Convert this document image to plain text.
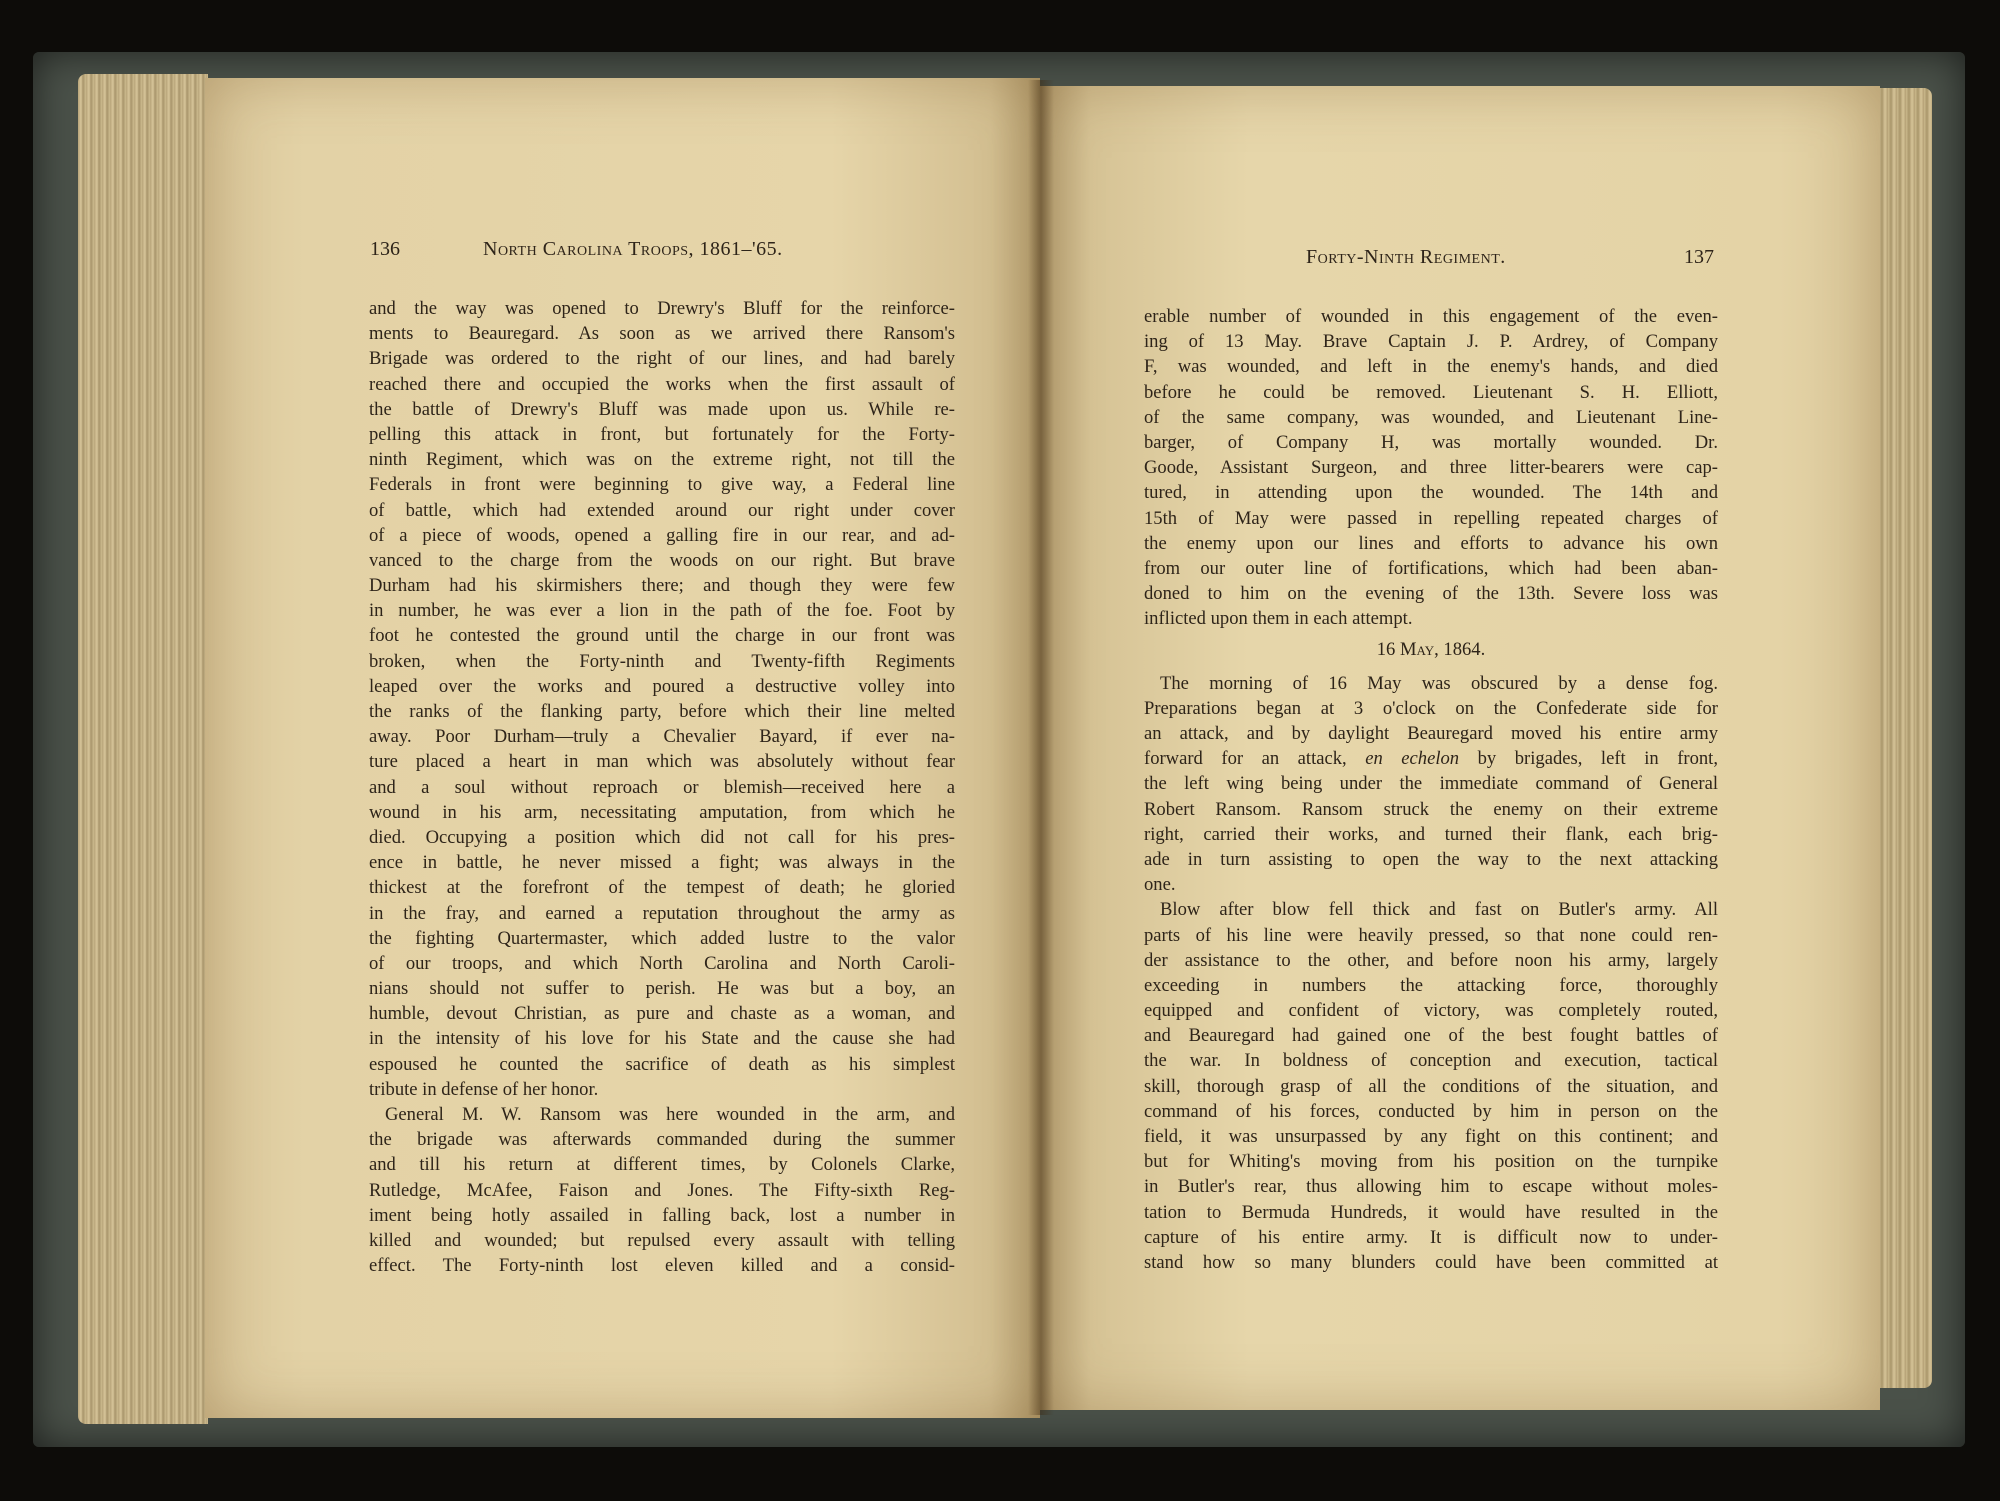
136	North Carolina Troops, 1861–'65.
and the way was opened to Drewry's Bluff for the reinforce-
ments to Beauregard. As soon as we arrived there Ransom's
Brigade was ordered to the right of our lines, and had barely
reached there and occupied the works when the first assault of
the battle of Drewry's Bluff was made upon us. While re-
pelling this attack in front, but fortunately for the Forty-
ninth Regiment, which was on the extreme right, not till the
Federals in front were beginning to give way, a Federal line
of battle, which had extended around our right under cover
of a piece of woods, opened a galling fire in our rear, and ad-
vanced to the charge from the woods on our right. But brave
Durham had his skirmishers there; and though they were few
in number, he was ever a lion in the path of the foe. Foot by
foot he contested the ground until the charge in our front was
broken, when the Forty-ninth and Twenty-fifth Regiments
leaped over the works and poured a destructive volley into
the ranks of the flanking party, before which their line melted
away. Poor Durham—truly a Chevalier Bayard, if ever na-
ture placed a heart in man which was absolutely without fear
and a soul without reproach or blemish—received here a
wound in his arm, necessitating amputation, from which he
died. Occupying a position which did not call for his pres-
ence in battle, he never missed a fight; was always in the
thickest at the forefront of the tempest of death; he gloried
in the fray, and earned a reputation throughout the army as
the fighting Quartermaster, which added lustre to the valor
of our troops, and which North Carolina and North Caroli-
nians should not suffer to perish. He was but a boy, an
humble, devout Christian, as pure and chaste as a woman, and
in the intensity of his love for his State and the cause she had
espoused he counted the sacrifice of death as his simplest
tribute in defense of her honor.
General M. W. Ransom was here wounded in the arm, and
the brigade was afterwards commanded during the summer
and till his return at different times, by Colonels Clarke,
Rutledge, McAfee, Faison and Jones. The Fifty-sixth Reg-
iment being hotly assailed in falling back, lost a number in
killed and wounded; but repulsed every assault with telling
effect. The Forty-ninth lost eleven killed and a consid-
Forty-Ninth Regiment.	137
erable number of wounded in this engagement of the even-
ing of 13 May. Brave Captain J. P. Ardrey, of Company
F, was wounded, and left in the enemy's hands, and died
before he could be removed. Lieutenant S. H. Elliott,
of the same company, was wounded, and Lieutenant Line-
barger, of Company H, was mortally wounded. Dr.
Goode, Assistant Surgeon, and three litter-bearers were cap-
tured, in attending upon the wounded. The 14th and
15th of May were passed in repelling repeated charges of
the enemy upon our lines and efforts to advance his own
from our outer line of fortifications, which had been aban-
doned to him on the evening of the 13th. Severe loss was
inflicted upon them in each attempt.
16 May, 1864.
The morning of 16 May was obscured by a dense fog.
Preparations began at 3 o'clock on the Confederate side for
an attack, and by daylight Beauregard moved his entire army
forward for an attack, en echelon by brigades, left in front,
the left wing being under the immediate command of General
Robert Ransom. Ransom struck the enemy on their extreme
right, carried their works, and turned their flank, each brig-
ade in turn assisting to open the way to the next attacking
one.
Blow after blow fell thick and fast on Butler's army. All
parts of his line were heavily pressed, so that none could ren-
der assistance to the other, and before noon his army, largely
exceeding in numbers the attacking force, thoroughly
equipped and confident of victory, was completely routed,
and Beauregard had gained one of the best fought battles of
the war. In boldness of conception and execution, tactical
skill, thorough grasp of all the conditions of the situation, and
command of his forces, conducted by him in person on the
field, it was unsurpassed by any fight on this continent; and
but for Whiting's moving from his position on the turnpike
in Butler's rear, thus allowing him to escape without moles-
tation to Bermuda Hundreds, it would have resulted in the
capture of his entire army. It is difficult now to under-
stand how so many blunders could have been committed at
